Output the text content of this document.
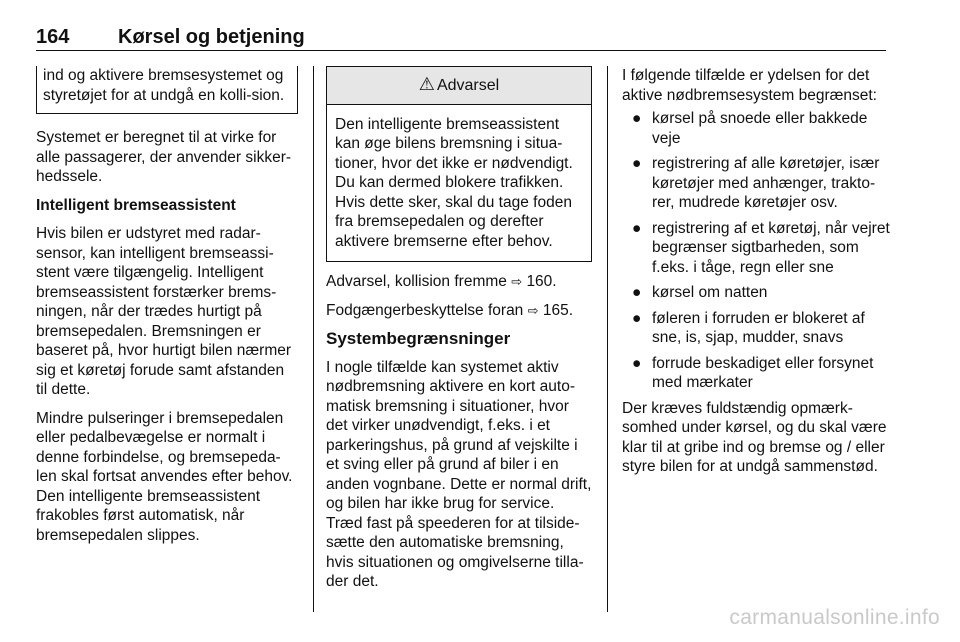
164 Kørsel og betjening

ind og aktivere bremsesystemet og styretøjet for at undgå en kolli-sion.

Systemet er beregnet til at virke for alle passagerer, der anvender sikker-hedssele.

Intelligent bremseassistent

Hvis bilen er udstyret med radar-sensor, kan intelligent bremseassi-stent være tilgængelig. Intelligent bremseassistent forstærker brems-ningen, når der trædes hurtigt på bremsepedalen. Bremsningen er baseret på, hvor hurtigt bilen nærmer sig et køretøj forude samt afstanden til dette.

Mindre pulseringer i bremsepedalen eller pedalbevægelse er normalt i denne forbindelse, og bremsepeda-len skal fortsat anvendes efter behov. Den intelligente bremseassistent frakobles først automatisk, når bremsepedalen slippes.

⚠ Advarsel

Den intelligente bremseassistent kan øge bilens bremsning i situa-tioner, hvor det ikke er nødvendigt. Du kan dermed blokere trafikken. Hvis dette sker, skal du tage foden fra bremsepedalen og derefter aktivere bremserne efter behov.

Advarsel, kollision fremme ⇨ 160.

Fodgængerbeskyttelse foran ⇨ 165.

Systembegrænsninger

I nogle tilfælde kan systemet aktiv nødbremsning aktivere en kort auto-matisk bremsning i situationer, hvor det virker unødvendigt, f.eks. i et parkeringshus, på grund af vejskilte i et sving eller på grund af biler i en anden vognbane. Dette er normal drift, og bilen har ikke brug for service. Træd fast på speederen for at tilside-sætte den automatiske bremsning, hvis situationen og omgivelserne tilla-der det.

I følgende tilfælde er ydelsen for det aktive nødbremsesystem begrænset:

● kørsel på snoede eller bakkede veje
● registrering af alle køretøjer, især køretøjer med anhænger, trakto-rer, mudrede køretøjer osv.
● registrering af et køretøj, når vejret begrænser sigtbarheden, som f.eks. i tåge, regn eller sne
● kørsel om natten
● føleren i forruden er blokeret af sne, is, sjap, mudder, snavs
● forrude beskadiget eller forsynet med mærkater

Der kræves fuldstændig opmærk-somhed under kørsel, og du skal være klar til at gribe ind og bremse og / eller styre bilen for at undgå sammenstød.

carmanualsonline.info
